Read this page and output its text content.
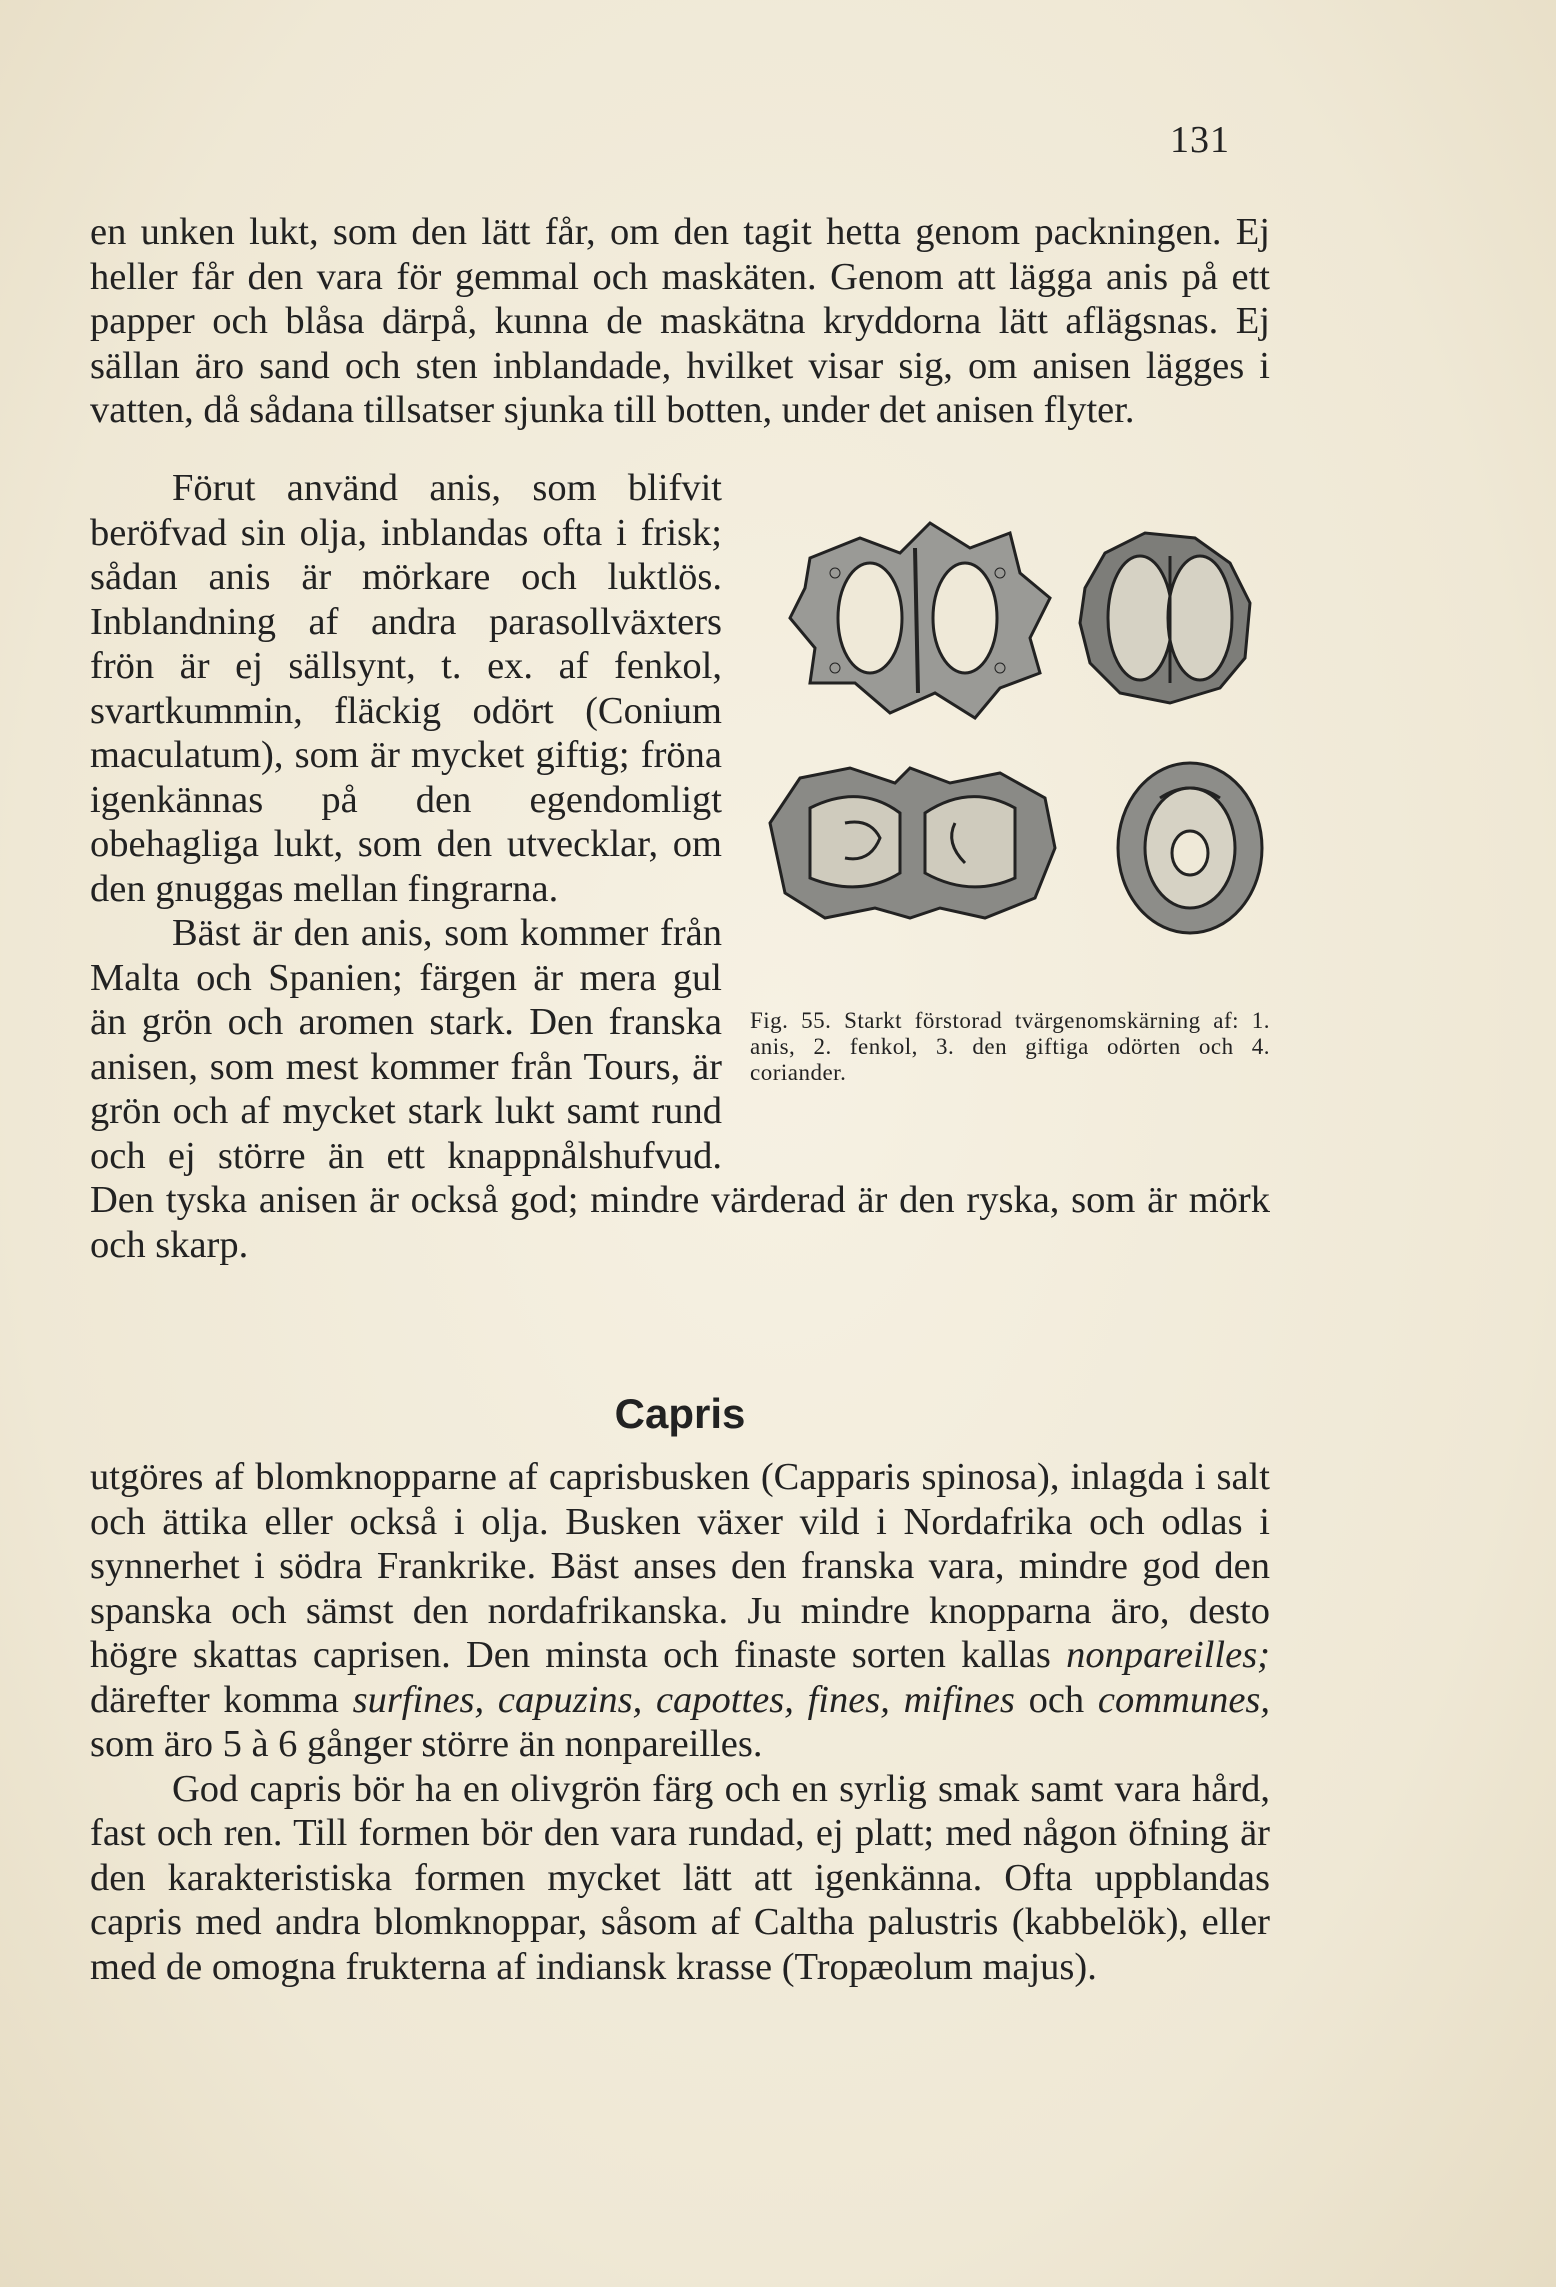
131

en unken lukt, som den lätt får, om den tagit hetta genom packningen. Ej heller får den vara för gemmal och maskäten. Genom att lägga anis på ett papper och blåsa därpå, kunna de maskätna kryddorna lätt aflägsnas. Ej sällan äro sand och sten inblandade, hvilket visar sig, om anisen lägges i vatten, då sådana tillsatser sjunka till botten, under det anisen flyter.

Fig. 55. Starkt förstorad tvärgenomskärning af: 1. anis, 2. fenkol, 3. den giftiga odörten och 4. coriander.

Förut använd anis, som blifvit beröfvad sin olja, inblandas ofta i frisk; sådan anis är mörkare och luktlös. Inblandning af andra parasollväxters frön är ej sällsynt, t. ex. af fenkol, svartkummin, fläckig odört (Conium maculatum), som är mycket giftig; fröna igenkännas på den egendomligt obehagliga lukt, som den utvecklar, om den gnuggas mellan fingrarna.

Bäst är den anis, som kommer från Malta och Spanien; färgen är mera gul än grön och aromen stark. Den franska anisen, som mest kommer från Tours, är grön och af mycket stark lukt samt rund och ej större än ett knappnålshufvud. Den tyska anisen är också god; mindre värderad är den ryska, som är mörk och skarp.

Capris

utgöres af blomknopparne af caprisbusken (Capparis spinosa), inlagda i salt och ättika eller också i olja. Busken växer vild i Nordafrika och odlas i synnerhet i södra Frankrike. Bäst anses den franska vara, mindre god den spanska och sämst den nordafrikanska. Ju mindre knopparna äro, desto högre skattas caprisen. Den minsta och finaste sorten kallas nonpareilles; därefter komma surfines, capuzins, capottes, fines, mifines och communes, som äro 5 à 6 gånger större än nonpareilles.

God capris bör ha en olivgrön färg och en syrlig smak samt vara hård, fast och ren. Till formen bör den vara rundad, ej platt; med någon öfning är den karakteristiska formen mycket lätt att igenkänna. Ofta uppblandas capris med andra blomknoppar, såsom af Caltha palustris (kabbelök), eller med de omogna frukterna af indiansk krasse (Tropæolum majus).
